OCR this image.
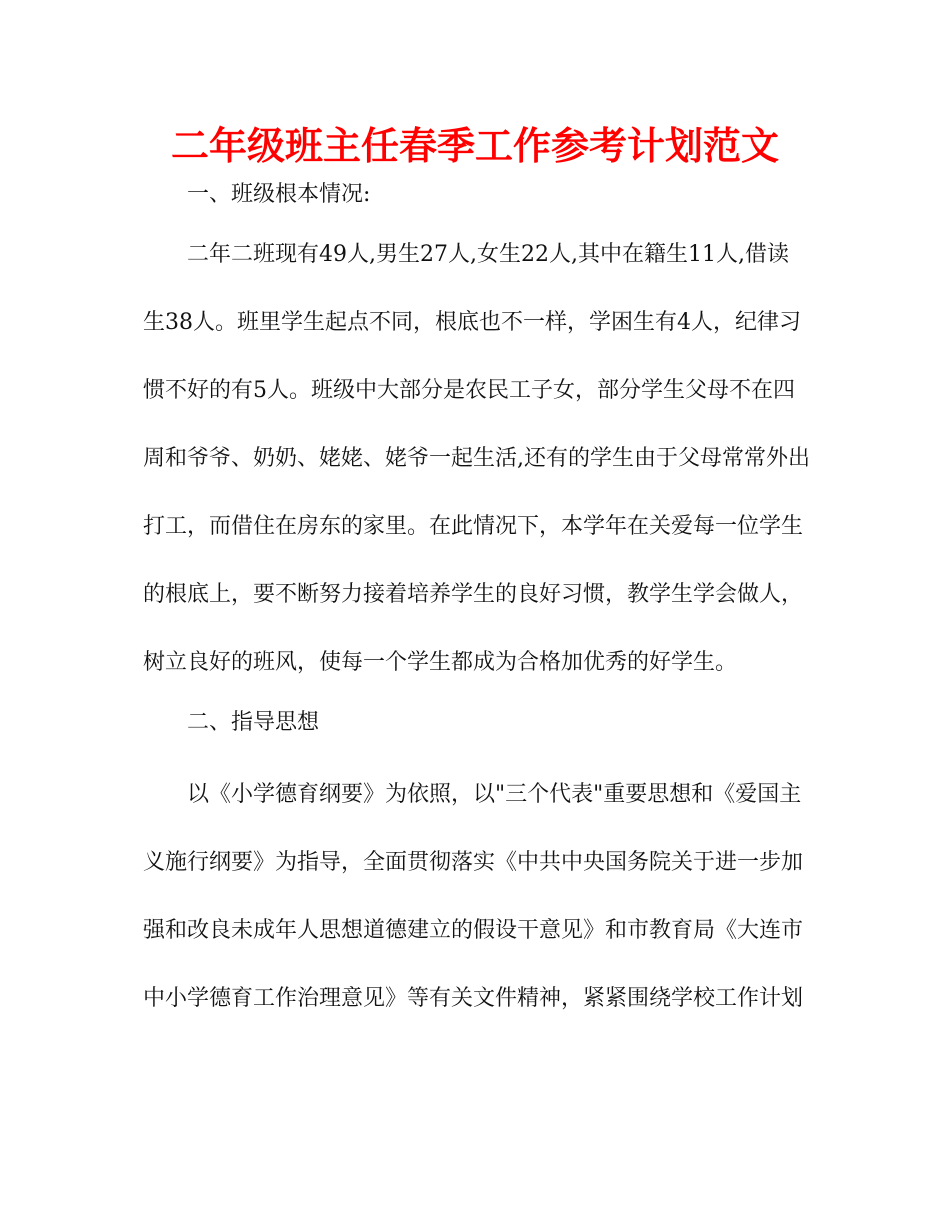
二年级班主任春季工作参考计划范文

一、班级根本情况:

二年二班现有49人,男生27人,女生22人,其中在籍生11人,借读

生38人。班里学生起点不同，根底也不一样，学困生有4人，纪律习

惯不好的有5人。班级中大部分是农民工子女，部分学生父母不在四

周和爷爷、奶奶、姥姥、姥爷一起生活,还有的学生由于父母常常外出

打工，而借住在房东的家里。在此情况下，本学年在关爱每一位学生

的根底上，要不断努力接着培养学生的良好习惯，教学生学会做人，

树立良好的班风，使每一个学生都成为合格加优秀的好学生。

二、指导思想

以《小学德育纲要》为依照，以"三个代表"重要思想和《爱国主

义施行纲要》为指导，全面贯彻落实《中共中央国务院关于进一步加

强和改良未成年人思想道德建立的假设干意见》和市教育局《大连市

中小学德育工作治理意见》等有关文件精神，紧紧围绕学校工作计划
